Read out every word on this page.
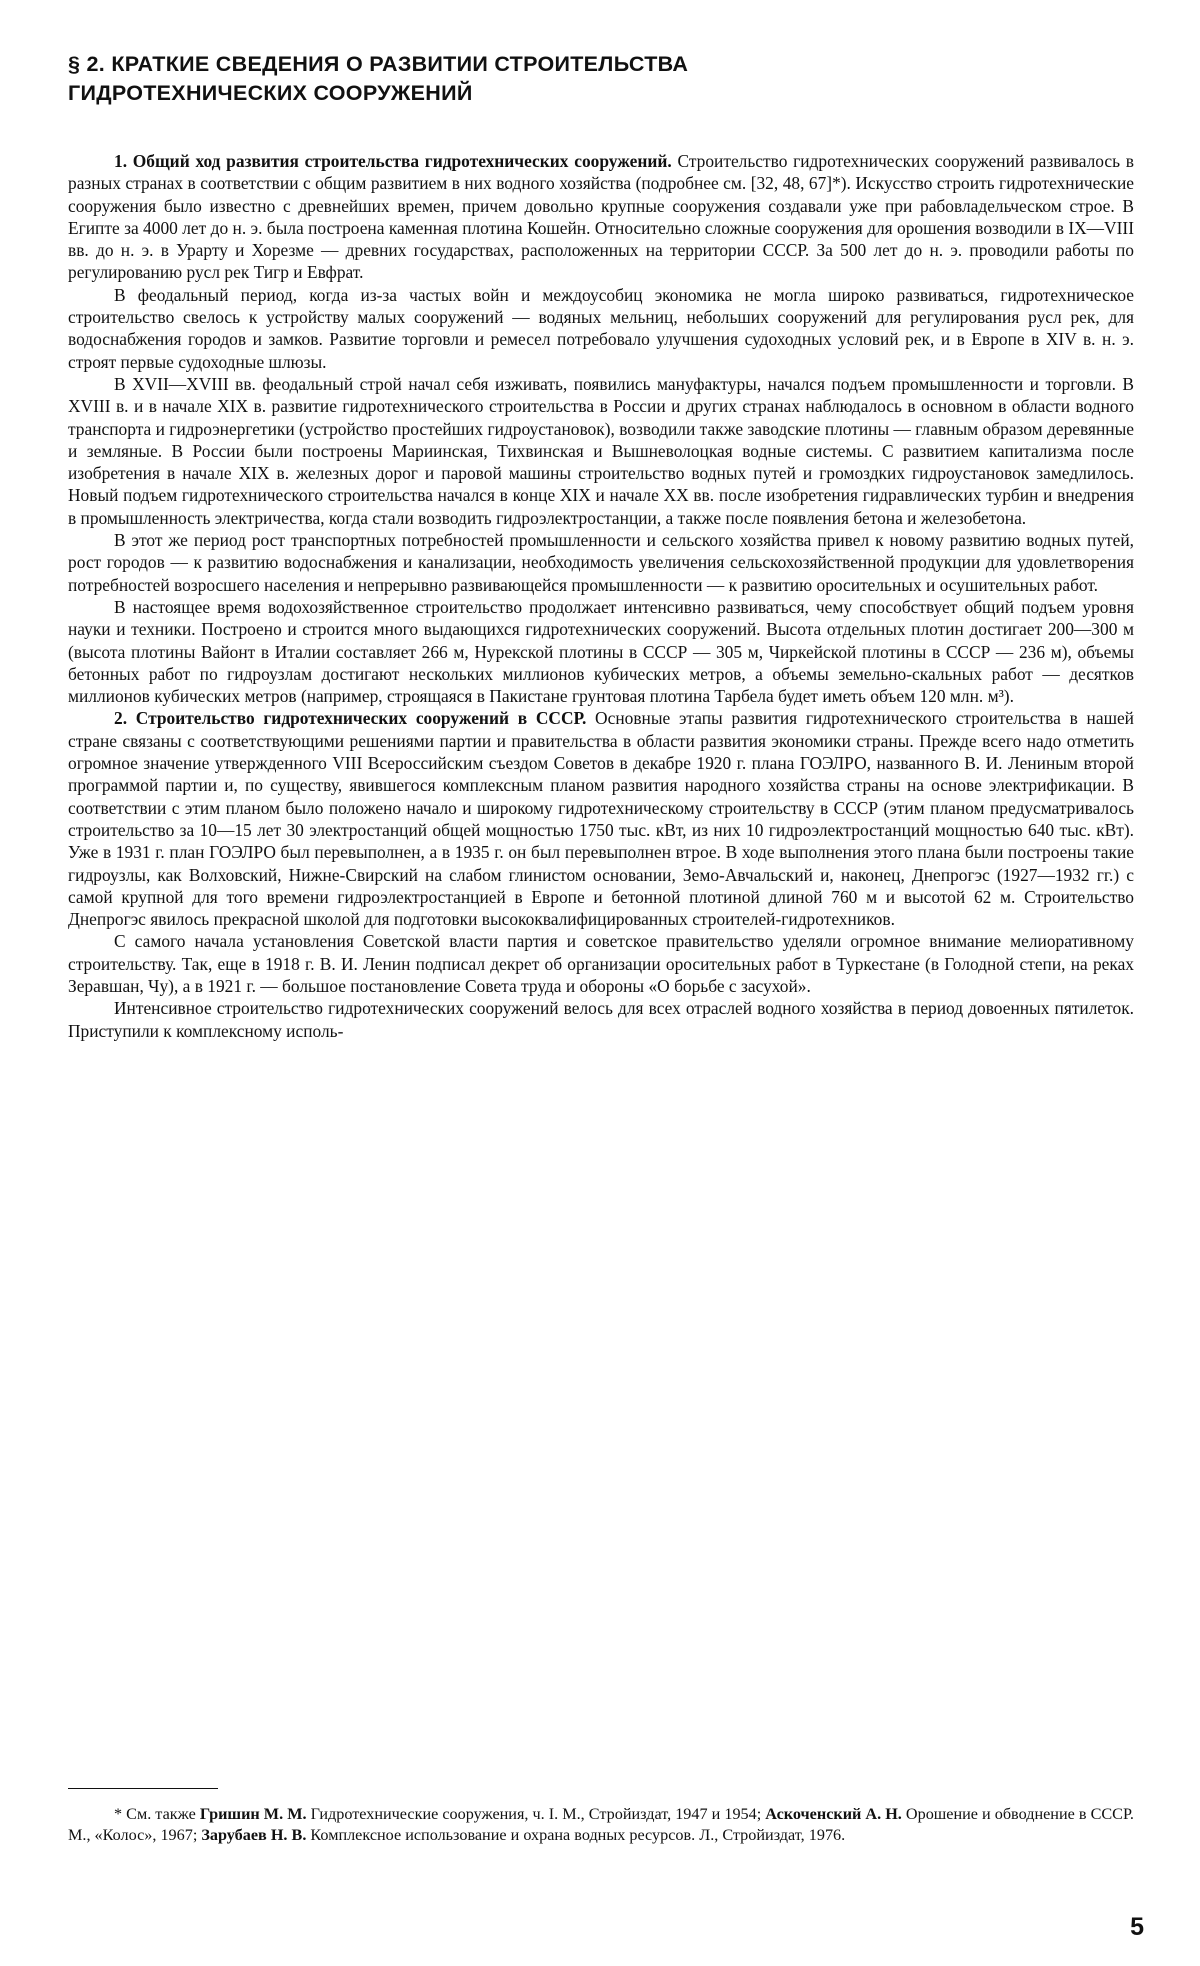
§ 2. КРАТКИЕ СВЕДЕНИЯ О РАЗВИТИИ СТРОИТЕЛЬСТВА
ГИДРОТЕХНИЧЕСКИХ СООРУЖЕНИЙ

1. Общий ход развития строительства гидротехнических сооружений. Строительство гидротехнических сооружений развивалось в разных странах в соответствии с общим развитием в них водного хозяйства (подробнее см. [32, 48, 67]*). Искусство строить гидротехнические сооружения было известно с древнейших времен, причем довольно крупные сооружения создавали уже при рабовладельческом строе. В Египте за 4000 лет до н. э. была построена каменная плотина Кошейн. Относительно сложные сооружения для орошения возводили в IX—VIII вв. до н. э. в Урарту и Хорезме — древних государствах, расположенных на территории СССР. За 500 лет до н. э. проводили работы по регулированию русл рек Тигр и Евфрат.

В феодальный период, когда из-за частых войн и междоусобиц экономика не могла широко развиваться, гидротехническое строительство свелось к устройству малых сооружений — водяных мельниц, небольших сооружений для регулирования русл рек, для водоснабжения городов и замков. Развитие торговли и ремесел потребовало улучшения судоходных условий рек, и в Европе в XIV в. н. э. строят первые судоходные шлюзы.

В XVII—XVIII вв. феодальный строй начал себя изживать, появились мануфактуры, начался подъем промышленности и торговли. В XVIII в. и в начале XIX в. развитие гидротехнического строительства в России и других странах наблюдалось в основном в области водного транспорта и гидроэнергетики (устройство простейших гидроустановок), возводили также заводские плотины — главным образом деревянные и земляные. В России были построены Мариинская, Тихвинская и Вышневолоцкая водные системы. С развитием капитализма после изобретения в начале XIX в. железных дорог и паровой машины строительство водных путей и громоздких гидроустановок замедлилось. Новый подъем гидротехнического строительства начался в конце XIX и начале XX вв. после изобретения гидравлических турбин и внедрения в промышленность электричества, когда стали возводить гидроэлектростанции, а также после появления бетона и железобетона.

В этот же период рост транспортных потребностей промышленности и сельского хозяйства привел к новому развитию водных путей, рост городов — к развитию водоснабжения и канализации, необходимость увеличения сельскохозяйственной продукции для удовлетворения потребностей возросшего населения и непрерывно развивающейся промышленности — к развитию оросительных и осушительных работ.

В настоящее время водохозяйственное строительство продолжает интенсивно развиваться, чему способствует общий подъем уровня науки и техники. Построено и строится много выдающихся гидротехнических сооружений. Высота отдельных плотин достигает 200—300 м (высота плотины Вайонт в Италии составляет 266 м, Нурекской плотины в СССР — 305 м, Чиркейской плотины в СССР — 236 м), объемы бетонных работ по гидроузлам достигают нескольких миллионов кубических метров, а объемы земельно-скальных работ — десятков миллионов кубических метров (например, строящаяся в Пакистане грунтовая плотина Тарбела будет иметь объем 120 млн. м³).

2. Строительство гидротехнических сооружений в СССР. Основные этапы развития гидротехнического строительства в нашей стране связаны с соответствующими решениями партии и правительства в области развития экономики страны. Прежде всего надо отметить огромное значение утвержденного VIII Всероссийским съездом Советов в декабре 1920 г. плана ГОЭЛРО, названного В. И. Лениным второй программой партии и, по существу, явившегося комплексным планом развития народного хозяйства страны на основе электрификации. В соответствии с этим планом было положено начало и широкому гидротехническому строительству в СССР (этим планом предусматривалось строительство за 10—15 лет 30 электростанций общей мощностью 1750 тыс. кВт, из них 10 гидроэлектростанций мощностью 640 тыс. кВт). Уже в 1931 г. план ГОЭЛРО был перевыполнен, а в 1935 г. он был перевыполнен втрое. В ходе выполнения этого плана были построены такие гидроузлы, как Волховский, Нижне-Свирский на слабом глинистом основании, Земо-Авчальский и, наконец, Днепрогэс (1927—1932 гг.) с самой крупной для того времени гидроэлектростанцией в Европе и бетонной плотиной длиной 760 м и высотой 62 м. Строительство Днепрогэс явилось прекрасной школой для подготовки высококвалифицированных строителей-гидротехников.

С самого начала установления Советской власти партия и советское правительство уделяли огромное внимание мелиоративному строительству. Так, еще в 1918 г. В. И. Ленин подписал декрет об организации оросительных работ в Туркестане (в Голодной степи, на реках Зеравшан, Чу), а в 1921 г. — большое постановление Совета труда и обороны «О борьбе с засухой».

Интенсивное строительство гидротехнических сооружений велось для всех отраслей водного хозяйства в период довоенных пятилеток. Приступили к комплексному исполь-

* См. также Гришин М. М. Гидротехнические сооружения, ч. I. М., Стройиздат, 1947 и 1954; Аскоченский А. Н. Орошение и обводнение в СССР. М., «Колос», 1967; Зарубаев Н. В. Комплексное использование и охрана водных ресурсов. Л., Стройиздат, 1976.

5
